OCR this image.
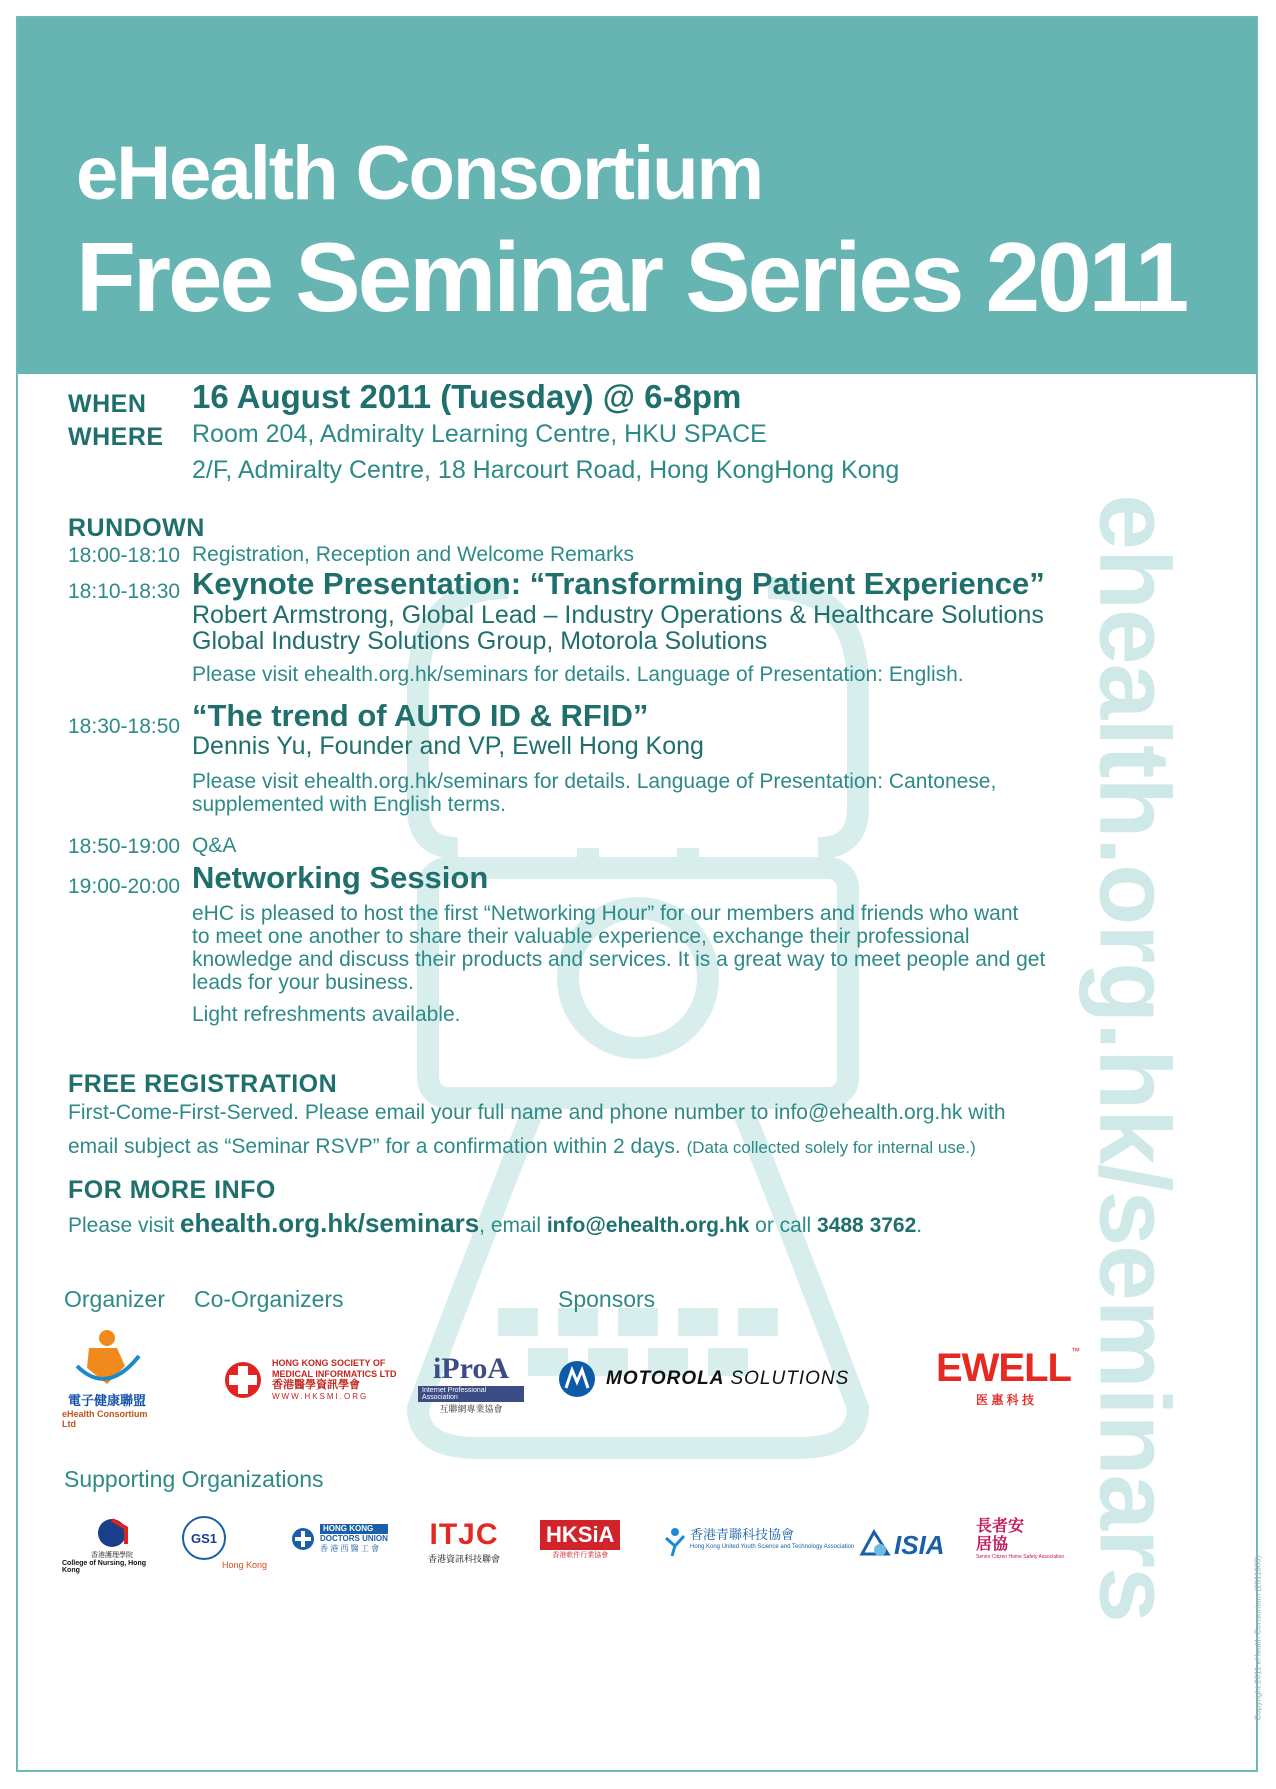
eHealth Consortium
Free Seminar Series 2011
ehealth.org.hk/seminars
WHEN 16 August 2011 (Tuesday) @ 6-8pm
WHERE Room 204, Admiralty Learning Centre, HKU SPACE
2/F, Admiralty Centre, 18 Harcourt Road, Hong KongHong Kong
RUNDOWN
18:00-18:10 Registration, Reception and Welcome Remarks
18:10-18:30 Keynote Presentation: “Transforming Patient Experience”
Robert Armstrong, Global Lead – Industry Operations & Healthcare Solutions
Global Industry Solutions Group, Motorola Solutions
Please visit ehealth.org.hk/seminars for details. Language of Presentation: English.
18:30-18:50 “The trend of AUTO ID & RFID”
Dennis Yu, Founder and VP, Ewell Hong Kong
Please visit ehealth.org.hk/seminars for details. Language of Presentation: Cantonese,
supplemented with English terms.
18:50-19:00 Q&A
19:00-20:00 Networking Session
eHC is pleased to host the first “Networking Hour” for our members and friends who want
to meet one another to share their valuable experience, exchange their professional
knowledge and discuss their products and services. It is a great way to meet people and get
leads for your business.
Light refreshments available.
FREE REGISTRATION
First-Come-First-Served. Please email your full name and phone number to info@ehealth.org.hk with
email subject as “Seminar RSVP” for a confirmation within 2 days. (Data collected solely for internal use.)
FOR MORE INFO
Please visit ehealth.org.hk/seminars, email info@ehealth.org.hk or call 3488 3762.
Organizer Co-Organizers	Sponsors
電子健康聯盟
eHealth Consortium Ltd
HONG KONG SOCIETY OF
MEDICAL INFORMATICS LTD
香港醫學資訊學會
WWW.HKSMI.ORG
iProA
Internet Professional Association
互聯網專業協會
MOTOROLA SOLUTIONS EWELL ™
医 惠 科 技
Supporting Organizations
香港護理學院
College of Nursing, Hong Kong
GS1
Hong Kong
HONG KONG
DOCTORS UNION
香 港 西 醫 工 會 ITJC
香港資訊科技聯會
HKSiA
香港軟件行業協會
香港青聯科技協會
Hong Kong United Youth Science and Technology Association ISIA
長者安居協
Senior Citizen Home Safety Association	Copyright 2011 eHealth Consortium (2011080)
